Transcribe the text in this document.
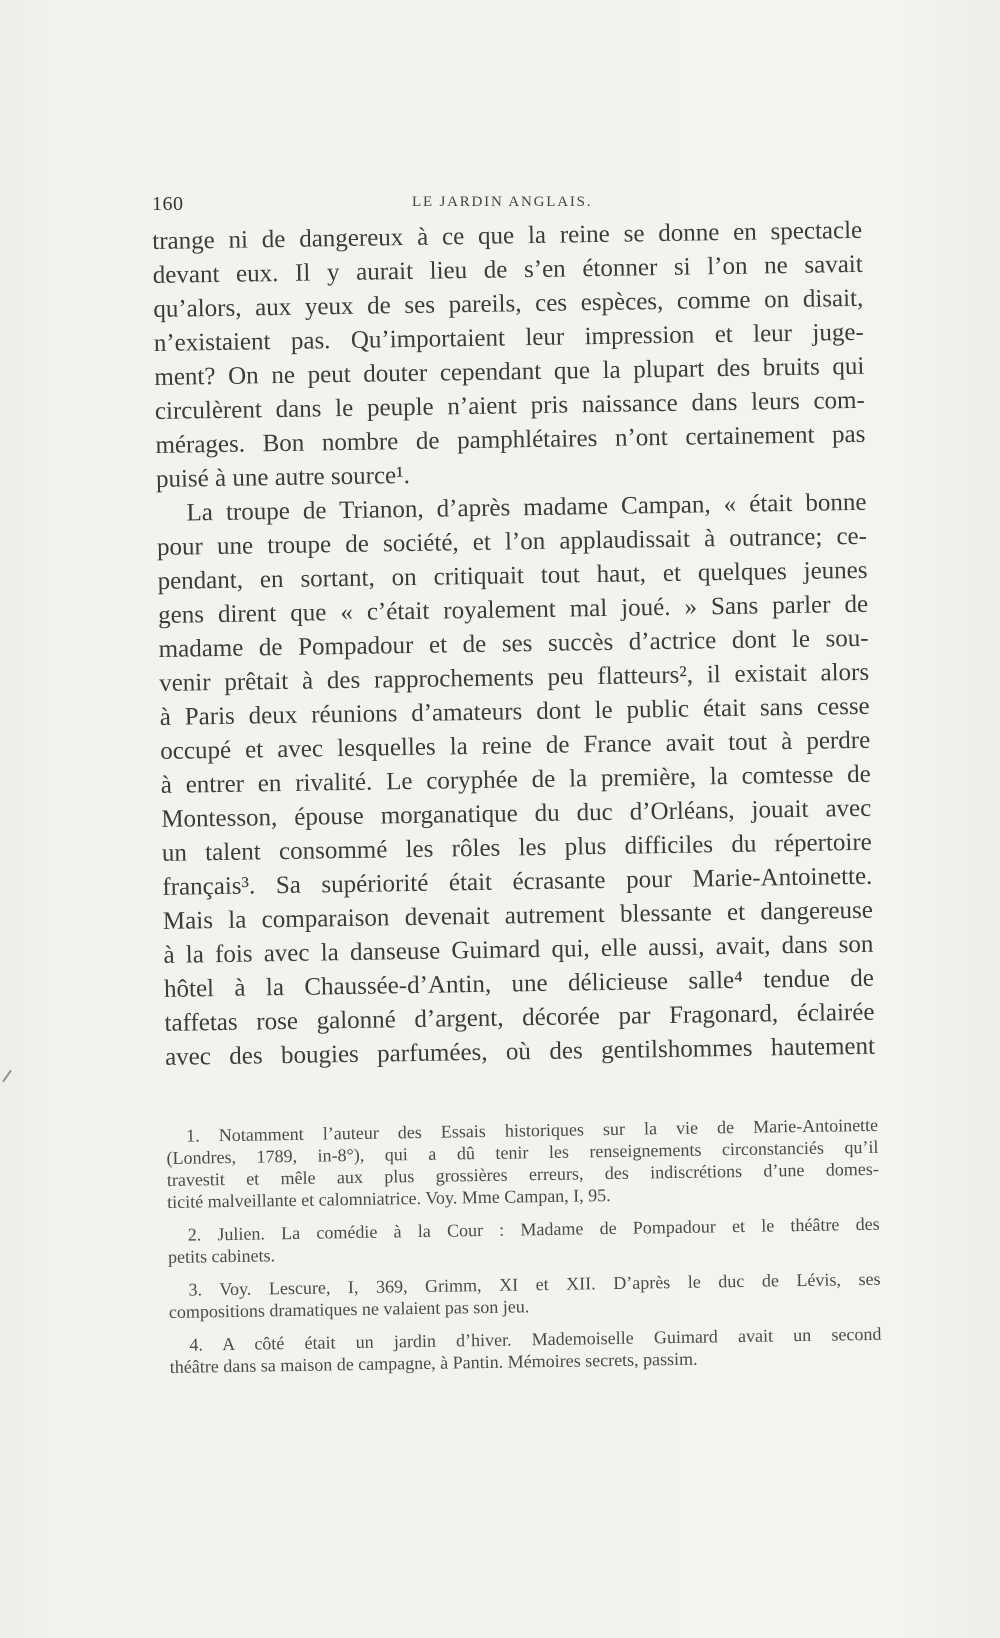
160	LE JARDIN ANGLAIS.
trange ni de dangereux à ce que la reine se donne en spectacle
devant eux. Il y aurait lieu de s’en étonner si l’on ne savait
qu’alors, aux yeux de ses pareils, ces espèces, comme on disait,
n’existaient pas. Qu’importaient leur impression et leur juge-
ment? On ne peut douter cependant que la plupart des bruits qui
circulèrent dans le peuple n’aient pris naissance dans leurs com-
mérages. Bon nombre de pamphlétaires n’ont certainement pas
puisé à une autre source¹.
La troupe de Trianon, d’après madame Campan, « était bonne
pour une troupe de société, et l’on applaudissait à outrance; ce-
pendant, en sortant, on critiquait tout haut, et quelques jeunes
gens dirent que « c’était royalement mal joué. » Sans parler de
madame de Pompadour et de ses succès d’actrice dont le sou-
venir prêtait à des rapprochements peu flatteurs², il existait alors
à Paris deux réunions d’amateurs dont le public était sans cesse
occupé et avec lesquelles la reine de France avait tout à perdre
à entrer en rivalité. Le coryphée de la première, la comtesse de
Montesson, épouse morganatique du duc d’Orléans, jouait avec
un talent consommé les rôles les plus difficiles du répertoire
français³. Sa supériorité était écrasante pour Marie-Antoinette.
Mais la comparaison devenait autrement blessante et dangereuse
à la fois avec la danseuse Guimard qui, elle aussi, avait, dans son
hôtel à la Chaussée-d’Antin, une délicieuse salle⁴ tendue de
taffetas rose galonné d’argent, décorée par Fragonard, éclairée
avec des bougies parfumées, où des gentilshommes hautement
1. Notamment l’auteur des Essais historiques sur la vie de Marie-Antoinette
(Londres, 1789, in-8°), qui a dû tenir les renseignements circonstanciés qu’il
travestit et mêle aux plus grossières erreurs, des indiscrétions d’une domes-
ticité malveillante et calomniatrice. Voy. Mme Campan, I, 95.
2. Julien. La comédie à la Cour : Madame de Pompadour et le théâtre des
petits cabinets.
3. Voy. Lescure, I, 369, Grimm, XI et XII. D’après le duc de Lévis, ses
compositions dramatiques ne valaient pas son jeu.
4. A côté était un jardin d’hiver. Mademoiselle Guimard avait un second
théâtre dans sa maison de campagne, à Pantin. Mémoires secrets, passim.
